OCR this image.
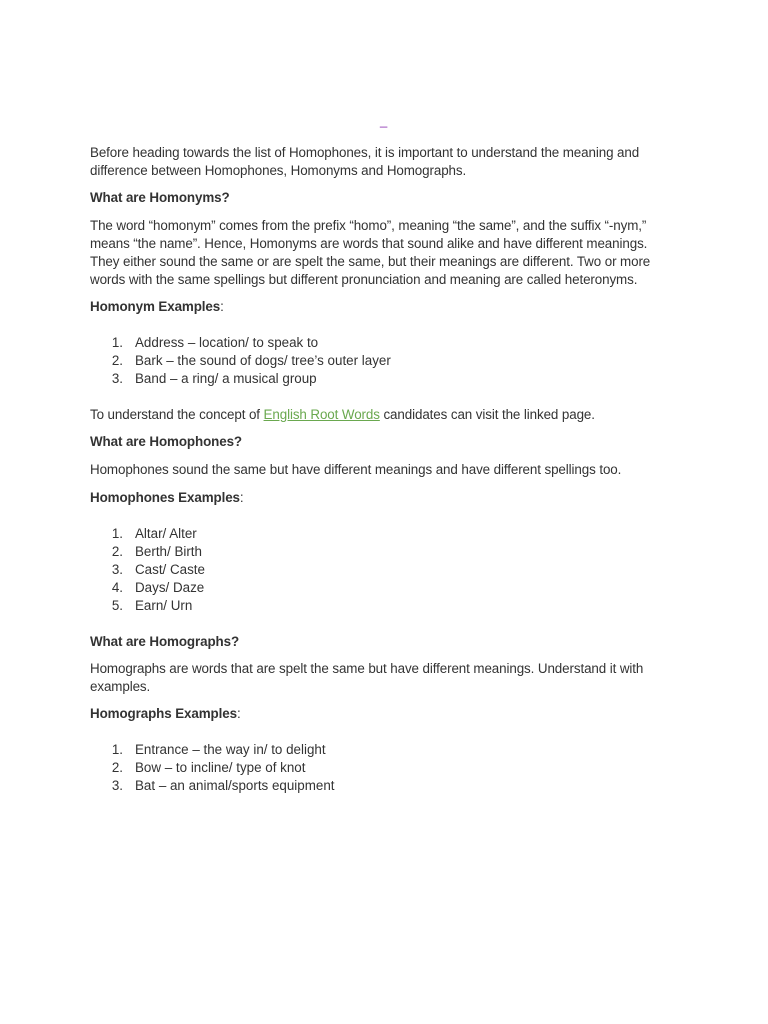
_

Before heading towards the list of Homophones, it is important to understand the meaning and difference between Homophones, Homonyms and Homographs.

What are Homonyms?

The word “homonym” comes from the prefix “homo”, meaning “the same”, and the suffix “-nym,” means “the name”. Hence, Homonyms are words that sound alike and have different meanings. They either sound the same or are spelt the same, but their meanings are different. Two or more words with the same spellings but different pronunciation and meaning are called heteronyms.

Homonym Examples:

1. Address – location/ to speak to
2. Bark – the sound of dogs/ tree’s outer layer
3. Band – a ring/ a musical group

To understand the concept of English Root Words candidates can visit the linked page.

What are Homophones?

Homophones sound the same but have different meanings and have different spellings too.

Homophones Examples:

1. Altar/ Alter
2. Berth/ Birth
3. Cast/ Caste
4. Days/ Daze
5. Earn/ Urn

What are Homographs?

Homographs are words that are spelt the same but have different meanings. Understand it with examples.

Homographs Examples:

1. Entrance – the way in/ to delight
2. Bow – to incline/ type of knot
3. Bat – an animal/sports equipment
